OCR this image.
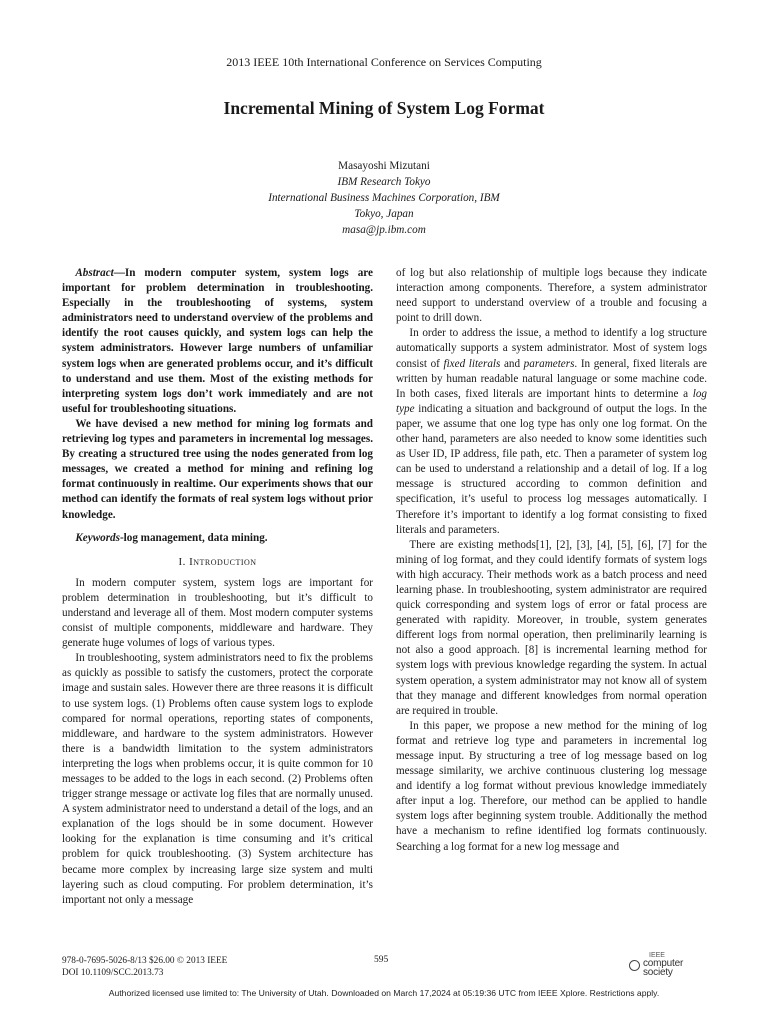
2013 IEEE 10th International Conference on Services Computing
Incremental Mining of System Log Format
Masayoshi Mizutani
IBM Research Tokyo
International Business Machines Corporation, IBM
Tokyo, Japan
masa@jp.ibm.com

Abstract—In modern computer system, system logs are important for problem determination in troubleshooting. Especially in the troubleshooting of systems, system administrators need to understand overview of the problems and identify the root causes quickly, and system logs can help the system administrators. However large numbers of unfamiliar system logs when are generated problems occur, and it’s difficult to understand and use them. Most of the existing methods for interpreting system logs don’t work immediately and are not useful for troubleshooting situations.

We have devised a new method for mining log formats and retrieving log types and parameters in incremental log messages. By creating a structured tree using the nodes generated from log messages, we created a method for mining and refining log format continuously in realtime. Our experiments shows that our method can identify the formats of real system logs without prior knowledge.

Keywords-log management, data mining.

I. Introduction

In modern computer system, system logs are important for problem determination in troubleshooting, but it’s difficult to understand and leverage all of them. Most modern computer systems consist of multiple components, middleware and hardware. They generate huge volumes of logs of various types.

In troubleshooting, system administrators need to fix the problems as quickly as possible to satisfy the customers, protect the corporate image and sustain sales. However there are three reasons it is difficult to use system logs. (1) Problems often cause system logs to explode compared for normal operations, reporting states of components, middleware, and hardware to the system administrators. However there is a bandwidth limitation to the system administrators interpreting the logs when problems occur, it is quite common for 10 messages to be added to the logs in each second. (2) Problems often trigger strange message or activate log files that are normally unused. A system administrator need to understand a detail of the logs, and an explanation of the logs should be in some document. However looking for the explanation is time consuming and it’s critical problem for quick troubleshooting. (3) System architecture has became more complex by increasing large size system and multi layering such as cloud computing. For problem determination, it’s important not only a message

of log but also relationship of multiple logs because they indicate interaction among components. Therefore, a system administrator need support to understand overview of a trouble and focusing a point to drill down.

In order to address the issue, a method to identify a log structure automatically supports a system administrator. Most of system logs consist of fixed literals and parameters. In general, fixed literals are written by human readable natural language or some machine code. In both cases, fixed literals are important hints to determine a log type indicating a situation and background of output the logs. In the paper, we assume that one log type has only one log format. On the other hand, parameters are also needed to know some identities such as User ID, IP address, file path, etc. Then a parameter of system log can be used to understand a relationship and a detail of log. If a log message is structured according to common definition and specification, it’s useful to process log messages automatically. I Therefore it’s important to identify a log format consisting to fixed literals and parameters.

There are existing methods[1], [2], [3], [4], [5], [6], [7] for the mining of log format, and they could identify formats of system logs with high accuracy. Their methods work as a batch process and need learning phase. In troubleshooting, system administrator are required quick corresponding and system logs of error or fatal process are generated with rapidity. Moreover, in trouble, system generates different logs from normal operation, then preliminarily learning is not also a good approach. [8] is incremental learning method for system logs with previous knowledge regarding the system. In actual system operation, a system administrator may not know all of system that they manage and different knowledges from normal operation are required in trouble.

In this paper, we propose a new method for the mining of log format and retrieve log type and parameters in incremental log message input. By structuring a tree of log message based on log message similarity, we archive continuous clustering log message and identify a log format without previous knowledge immediately after input a log. Therefore, our method can be applied to handle system logs after beginning system trouble. Additionally the method have a mechanism to refine identified log formats continuously. Searching a log format for a new log message and

978-0-7695-5026-8/13 $26.00 © 2013 IEEE
DOI 10.1109/SCC.2013.73
595	IEEE
computer
society
Authorized licensed use limited to: The University of Utah. Downloaded on March 17,2024 at 05:19:36 UTC from IEEE Xplore. Restrictions apply.
